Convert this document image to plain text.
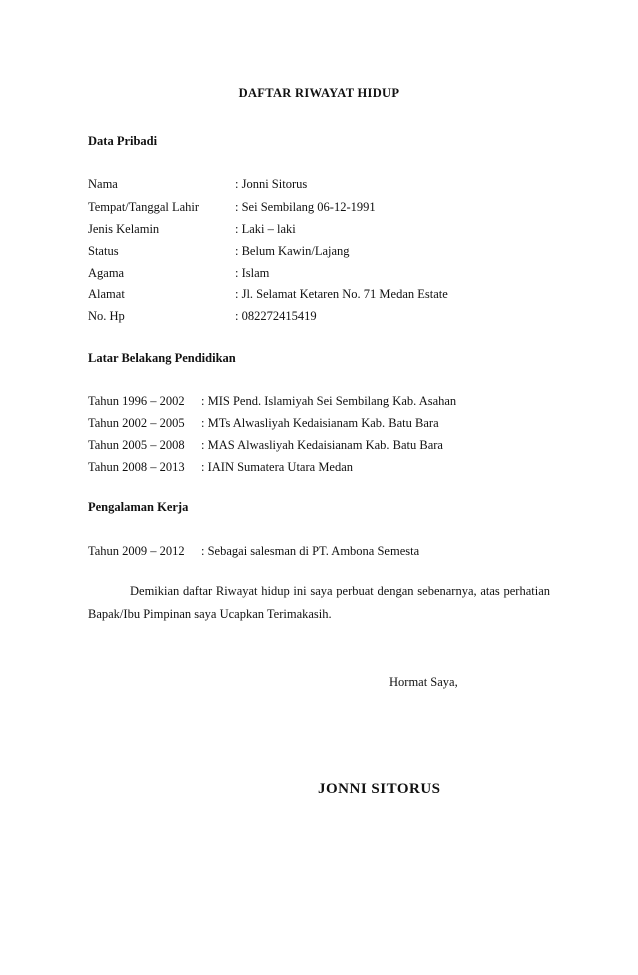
DAFTAR RIWAYAT HIDUP
Data Pribadi
Nama	: Jonni Sitorus
Tempat/Tanggal Lahir	: Sei Sembilang 06-12-1991
Jenis Kelamin	: Laki – laki
Status	: Belum Kawin/Lajang
Agama	: Islam
Alamat	: Jl. Selamat Ketaren No. 71 Medan Estate
No. Hp	: 082272415419
Latar Belakang Pendidikan
Tahun 1996 – 2002 : MIS Pend. Islamiyah Sei Sembilang Kab. Asahan
Tahun 2002 – 2005 : MTs Alwasliyah Kedaisianam Kab. Batu Bara
Tahun 2005 – 2008 : MAS Alwasliyah Kedaisianam Kab. Batu Bara
Tahun 2008 – 2013 : IAIN Sumatera Utara Medan
Pengalaman Kerja
Tahun 2009 – 2012 : Sebagai salesman di PT. Ambona Semesta
Demikian daftar Riwayat hidup ini saya perbuat dengan sebenarnya, atas perhatian Bapak/Ibu Pimpinan saya Ucapkan Terimakasih.
Hormat Saya,
JONNI SITORUS
